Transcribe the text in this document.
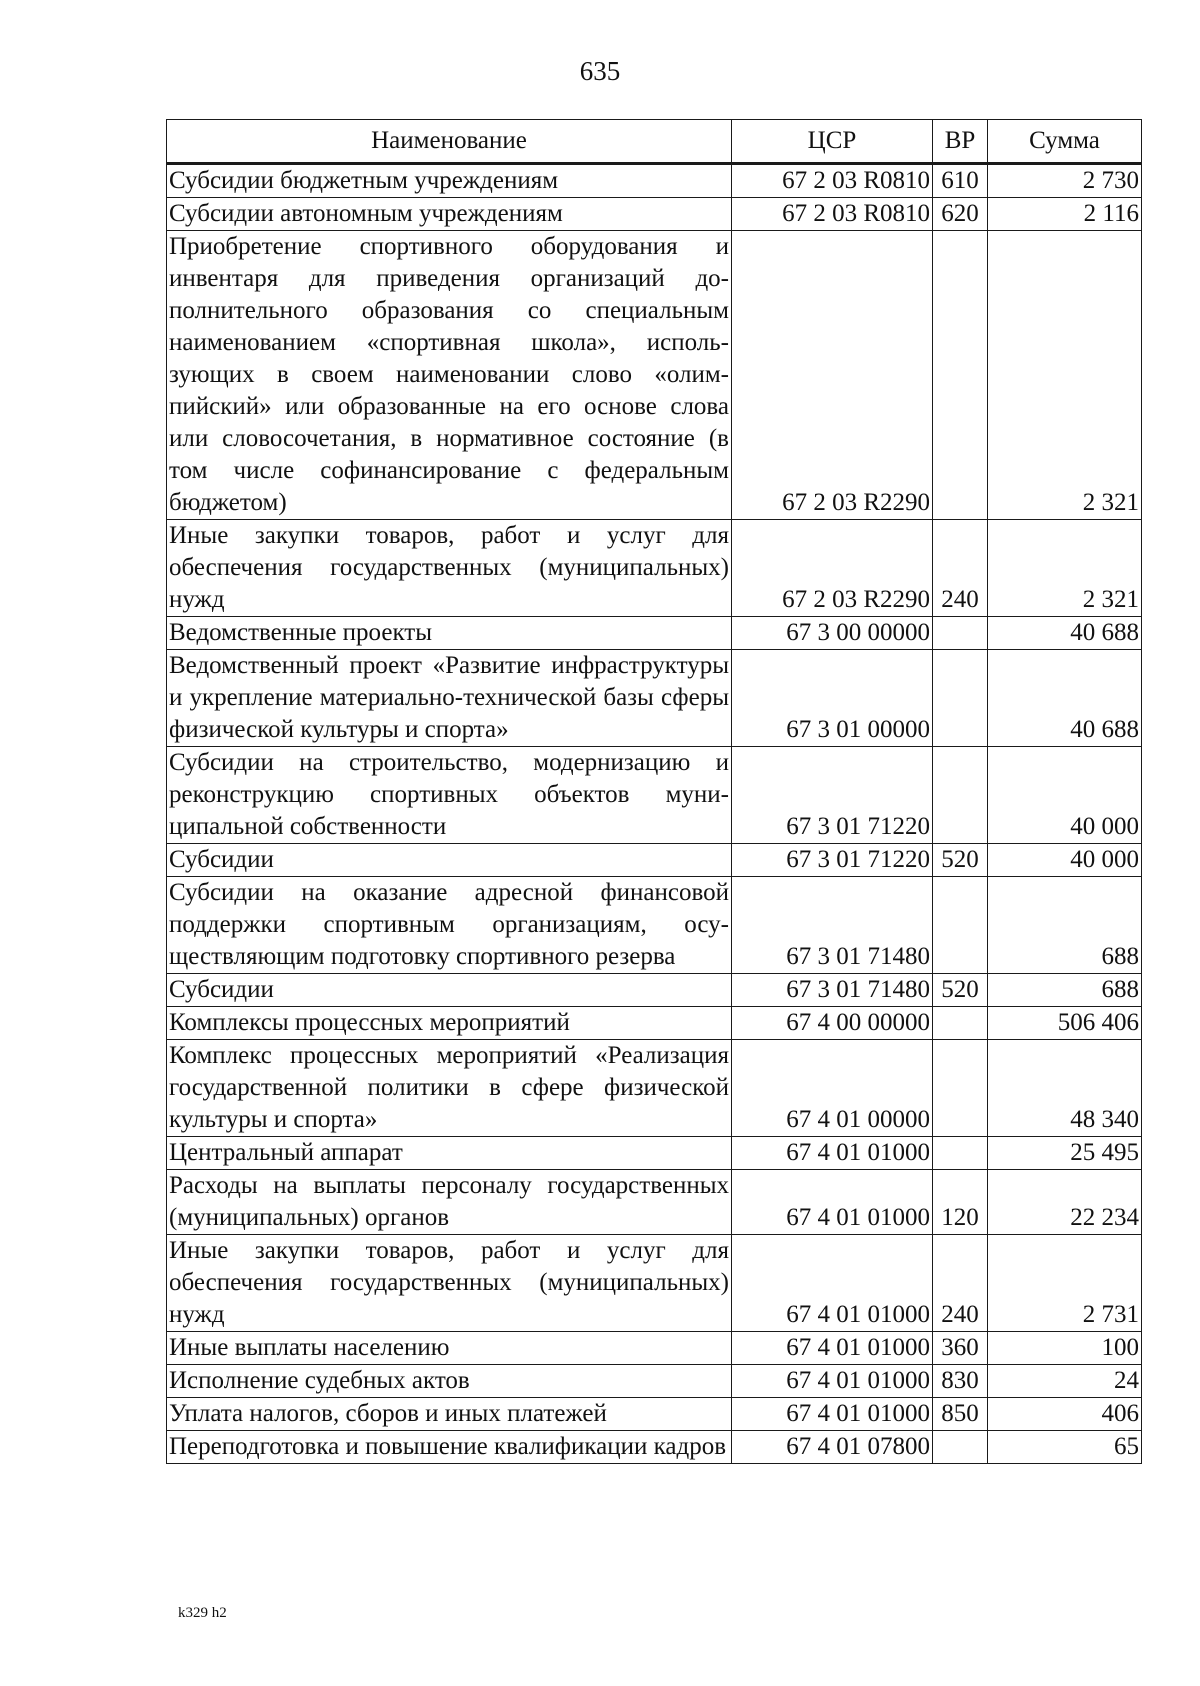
635
Наименование	ЦСР	ВР	Сумма
Субсидии бюджетным учреждениям	67 2 03 R0810	610	2 730
Субсидии автономным учреждениям	67 2 03 R0810	620	2 116
Приобретение спортивного оборудования и инвентаря для приведения организаций дополнительного образования со специальным наименованием «спортивная школа», использующих в своем наименовании слово «олимпийский» или образованные на его основе слова или словосочетания, в нормативное состояние (в том числе софинансирование с федеральным бюджетом)	67 2 03 R2290		2 321
Иные закупки товаров, работ и услуг для обеспечения государственных (муниципальных) нужд	67 2 03 R2290	240	2 321
Ведомственные проекты	67 3 00 00000		40 688
Ведомственный проект «Развитие инфраструктуры и укрепление материально-технической базы сферы физической культуры и спорта»	67 3 01 00000		40 688
Субсидии на строительство, модернизацию и реконструкцию спортивных объектов муниципальной собственности	67 3 01 71220		40 000
Субсидии	67 3 01 71220	520	40 000
Субсидии на оказание адресной финансовой поддержки спортивным организациям, осуществляющим подготовку спортивного резерва	67 3 01 71480		688
Субсидии	67 3 01 71480	520	688
Комплексы процессных мероприятий	67 4 00 00000		506 406
Комплекс процессных мероприятий «Реализация государственной политики в сфере физической культуры и спорта»	67 4 01 00000		48 340
Центральный аппарат	67 4 01 01000		25 495
Расходы на выплаты персоналу государственных (муниципальных) органов	67 4 01 01000	120	22 234
Иные закупки товаров, работ и услуг для обеспечения государственных (муниципальных) нужд	67 4 01 01000	240	2 731
Иные выплаты населению	67 4 01 01000	360	100
Исполнение судебных актов	67 4 01 01000	830	24
Уплата налогов, сборов и иных платежей	67 4 01 01000	850	406
Переподготовка и повышение квалификации кадров	67 4 01 07800		65
k329 h2
